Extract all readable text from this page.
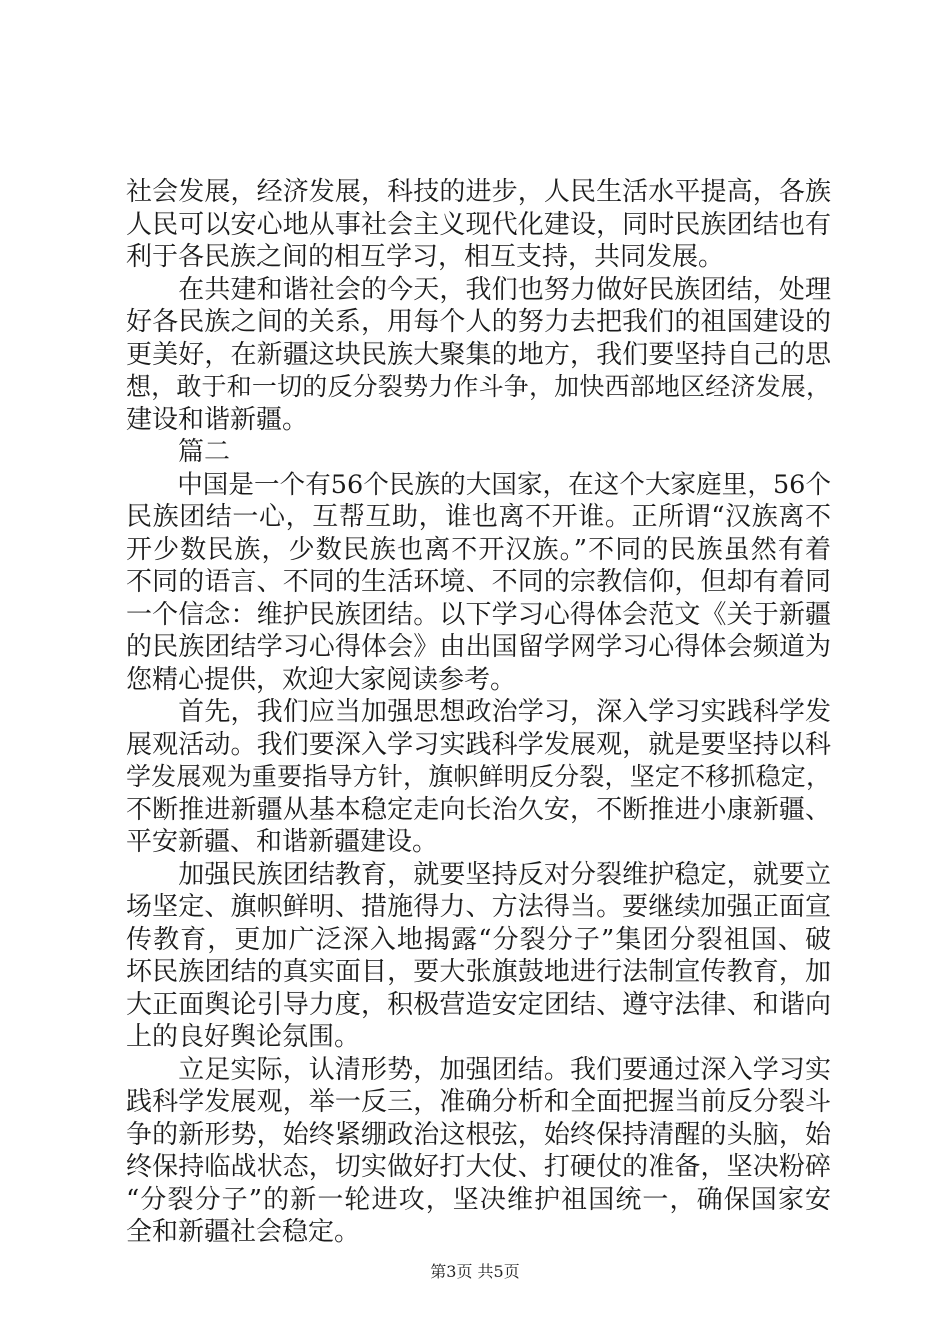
社会发展，经济发展，科技的进步，人民生活水平提高，各族
人民可以安心地从事社会主义现代化建设，同时民族团结也有
利于各民族之间的相互学习，相互支持，共同发展。
　　在共建和谐社会的今天，我们也努力做好民族团结，处理
好各民族之间的关系，用每个人的努力去把我们的祖国建设的
更美好，在新疆这块民族大聚集的地方，我们要坚持自己的思
想，敢于和一切的反分裂势力作斗争，加快西部地区经济发展，
建设和谐新疆。
　　篇二
　　中国是一个有56个民族的大国家，在这个大家庭里，56个
民族团结一心，互帮互助，谁也离不开谁。正所谓“汉族离不
开少数民族，少数民族也离不开汉族。”不同的民族虽然有着
不同的语言、不同的生活环境、不同的宗教信仰，但却有着同
一个信念：维护民族团结。以下学习心得体会范文《关于新疆
的民族团结学习心得体会》由出国留学网学习心得体会频道为
您精心提供，欢迎大家阅读参考。
　　首先，我们应当加强思想政治学习，深入学习实践科学发
展观活动。我们要深入学习实践科学发展观，就是要坚持以科
学发展观为重要指导方针，旗帜鲜明反分裂，坚定不移抓稳定，
不断推进新疆从基本稳定走向长治久安，不断推进小康新疆、
平安新疆、和谐新疆建设。
　　加强民族团结教育，就要坚持反对分裂维护稳定，就要立
场坚定、旗帜鲜明、措施得力、方法得当。要继续加强正面宣
传教育，更加广泛深入地揭露“分裂分子”集团分裂祖国、破
坏民族团结的真实面目，要大张旗鼓地进行法制宣传教育，加
大正面舆论引导力度，积极营造安定团结、遵守法律、和谐向
上的良好舆论氛围。
　　立足实际，认清形势，加强团结。我们要通过深入学习实
践科学发展观，举一反三，准确分析和全面把握当前反分裂斗
争的新形势，始终紧绷政治这根弦，始终保持清醒的头脑，始
终保持临战状态，切实做好打大仗、打硬仗的准备，坚决粉碎
“分裂分子”的新一轮进攻，坚决维护祖国统一，确保国家安
全和新疆社会稳定。
第3页 共5页
